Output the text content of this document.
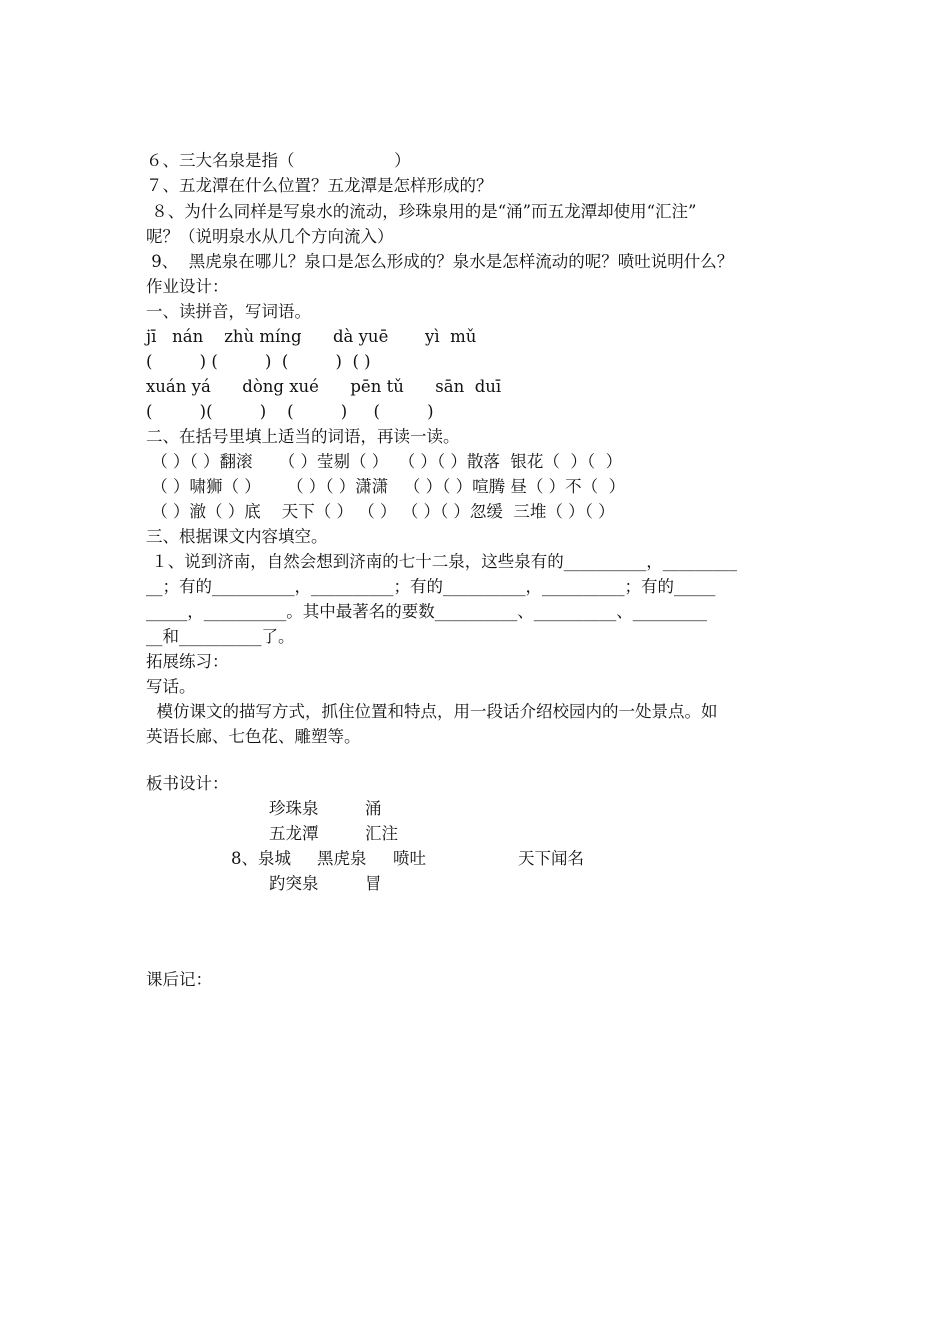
６、三大名泉是指（                   ）
７、五龙潭在什么位置？五龙潭是怎样形成的？
８、为什么同样是写泉水的流动，珍珠泉用的是“涌”而五龙潭却使用“汇注”
呢？（说明泉水从几个方向流入）
9、  黑虎泉在哪儿？泉口是怎么形成的？泉水是怎样流动的呢？喷吐说明什么？
作业设计：
一、读拼音，写词语。
jī   nán    zhù míng      dà yuē       yì  mǔ
(         ) (         )  (         )  ( )
xuán yá      dòng xué      pēn tǔ      sān  duī
(         )(         )    (         )     (         )
二、在括号里填上适当的词语，再读一读。
（ ）（ ）翻滚     （ ）莹剔（ ）  （ ）（ ）散落  银花（  ）（  ）
（ ）啸狮（ ）     （ ）（ ）潇潇   （ ）（ ）喧腾 昼（ ）不（  ）
（ ）澈（ ）底    天下（ ） （ ） （ ）（ ）忽缓  三堆（ ）（ ）
三、根据课文内容填空。
１、说到济南，自然会想到济南的七十二泉，这些泉有的__________，_________
__；有的__________，__________；有的__________，__________；有的_____
_____，__________。其中最著名的要数__________、__________、_________
__和__________了。
拓展练习：
写话。
模仿课文的描写方式，抓住位置和特点，用一段话介绍校园内的一处景点。如
英语长廊、七色花、雕塑等。
板书设计：
珍珠泉	涌
五龙潭	汇注
8、泉城 黑虎泉 喷吐	天下闻名
趵突泉	冒
课后记：
